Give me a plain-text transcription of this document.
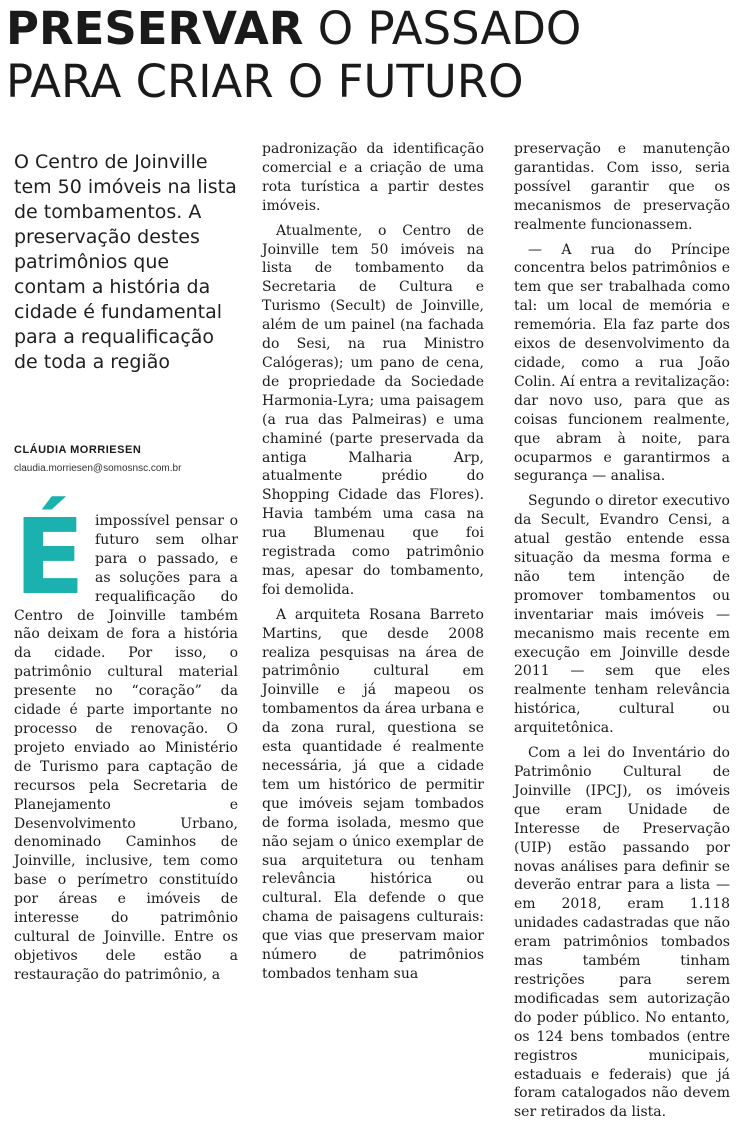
PRESERVAR O PASSADO
PARA CRIAR O FUTURO

O Centro de Joinville tem 50 imóveis na lista de tombamentos. A preservação destes patrimônios que contam a história da cidade é fundamental para a requalificação de toda a região

CLÁUDIA MORRIESEN
claudia.morriesen@somosnsc.com.br
É impossível pensar o futuro sem olhar para o passado, e as soluções para a requalificação do Centro de Joinville também não deixam de fora a história da cidade. Por isso, o patrimônio cultural material presente no “coração” da cidade é parte importante no processo de renovação. O projeto enviado ao Ministério de Turismo para captação de recursos pela Secretaria de Planejamento e Desenvolvimento Urbano, denominado Caminhos de Joinville, inclusive, tem como base o perímetro constituído por áreas e imóveis de interesse do patrimônio cultural de Joinville. Entre os objetivos dele estão a restauração do patrimônio, a

padronização da identificação comercial e a criação de uma rota turística a partir destes imóveis.

Atualmente, o Centro de Joinville tem 50 imóveis na lista de tombamento da Secretaria de Cultura e Turismo (Secult) de Joinville, além de um painel (na fachada do Sesi, na rua Ministro Calógeras); um pano de cena, de propriedade da Sociedade Harmonia-Lyra; uma paisagem (a rua das Palmeiras) e uma chaminé (parte preservada da antiga Malharia Arp, atualmente prédio do Shopping Cidade das Flores). Havia também uma casa na rua Blumenau que foi registrada como patrimônio mas, apesar do tombamento, foi demolida.

A arquiteta Rosana Barreto Martins, que desde 2008 realiza pesquisas na área de patrimônio cultural em Joinville e já mapeou os tombamentos da área urbana e da zona rural, questiona se esta quantidade é realmente necessária, já que a cidade tem um histórico de permitir que imóveis sejam tombados de forma isolada, mesmo que não sejam o único exemplar de sua arquitetura ou tenham relevância histórica ou cultural. Ela defende o que chama de paisagens culturais: que vias que preservam maior número de patrimônios tombados tenham sua

preservação e manutenção garantidas. Com isso, seria possível garantir que os mecanismos de preservação realmente funcionassem.

— A rua do Príncipe concentra belos patrimônios e tem que ser trabalhada como tal: um local de memória e rememória. Ela faz parte dos eixos de desenvolvimento da cidade, como a rua João Colin. Aí entra a revitalização: dar novo uso, para que as coisas funcionem realmente, que abram à noite, para ocuparmos e garantirmos a segurança — analisa.

Segundo o diretor executivo da Secult, Evandro Censi, a atual gestão entende essa situação da mesma forma e não tem intenção de promover tombamentos ou inventariar mais imóveis — mecanismo mais recente em execução em Joinville desde 2011 — sem que eles realmente tenham relevância histórica, cultural ou arquitetônica.

Com a lei do Inventário do Patrimônio Cultural de Joinville (IPCJ), os imóveis que eram Unidade de Interesse de Preservação (UIP) estão passando por novas análises para definir se deverão entrar para a lista — em 2018, eram 1.118 unidades cadastradas que não eram patrimônios tombados mas também tinham restrições para serem modificadas sem autorização do poder público. No entanto, os 124 bens tombados (entre registros municipais, estaduais e federais) que já foram catalogados não devem ser retirados da lista.
